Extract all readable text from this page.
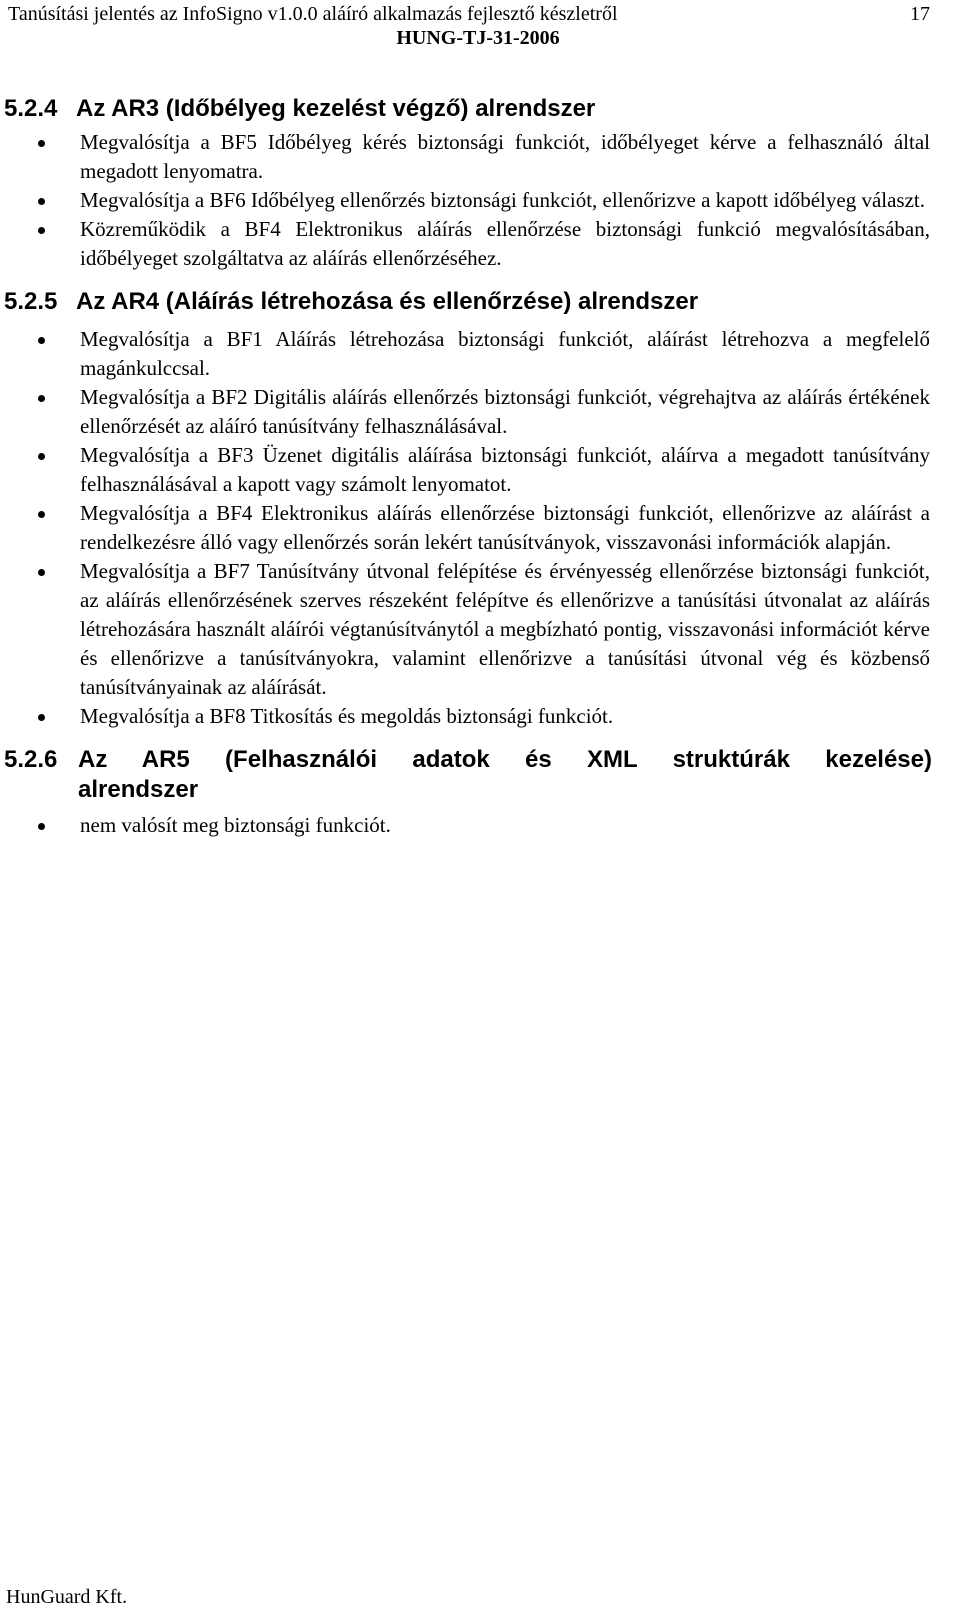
Tanúsítási jelentés az InfoSigno v1.0.0 aláíró alkalmazás fejlesztő készletről	17
HUNG-TJ-31-2006
5.2.4 Az AR3 (Időbélyeg kezelést végző) alrendszer
Megvalósítja a BF5 Időbélyeg kérés biztonsági funkciót, időbélyeget kérve a felhasználó által megadott lenyomatra.
Megvalósítja a BF6 Időbélyeg ellenőrzés biztonsági funkciót, ellenőrizve a kapott időbélyeg választ.
Közreműködik a BF4 Elektronikus aláírás ellenőrzése biztonsági funkció megvalósításában, időbélyeget szolgáltatva az aláírás ellenőrzéséhez.
5.2.5 Az AR4 (Aláírás létrehozása és ellenőrzése) alrendszer
Megvalósítja a BF1 Aláírás létrehozása biztonsági funkciót, aláírást létrehozva a megfelelő magánkulccsal.
Megvalósítja a BF2 Digitális aláírás ellenőrzés biztonsági funkciót, végrehajtva az aláírás értékének ellenőrzését az aláíró tanúsítvány felhasználásával.
Megvalósítja a BF3 Üzenet digitális aláírása biztonsági funkciót, aláírva a megadott tanúsítvány felhasználásával a kapott vagy számolt lenyomatot.
Megvalósítja a BF4 Elektronikus aláírás ellenőrzése biztonsági funkciót, ellenőrizve az aláírást a rendelkezésre álló vagy ellenőrzés során lekért tanúsítványok, visszavonási információk alapján.
Megvalósítja a BF7 Tanúsítvány útvonal felépítése és érvényesség ellenőrzése biztonsági funkciót, az aláírás ellenőrzésének szerves részeként felépítve és ellenőrizve a tanúsítási útvonalat az aláírás létrehozására használt aláírói végtanúsítványtól a megbízható pontig, visszavonási információt kérve és ellenőrizve a tanúsítványokra, valamint ellenőrizve a tanúsítási útvonal vég és közbenső tanúsítványainak az aláírását.
Megvalósítja a BF8 Titkosítás és megoldás biztonsági funkciót.
5.2.6 Az AR5 (Felhasználói adatok és XML struktúrák kezelése)
alrendszer
nem valósít meg biztonsági funkciót.
HunGuard Kft.
